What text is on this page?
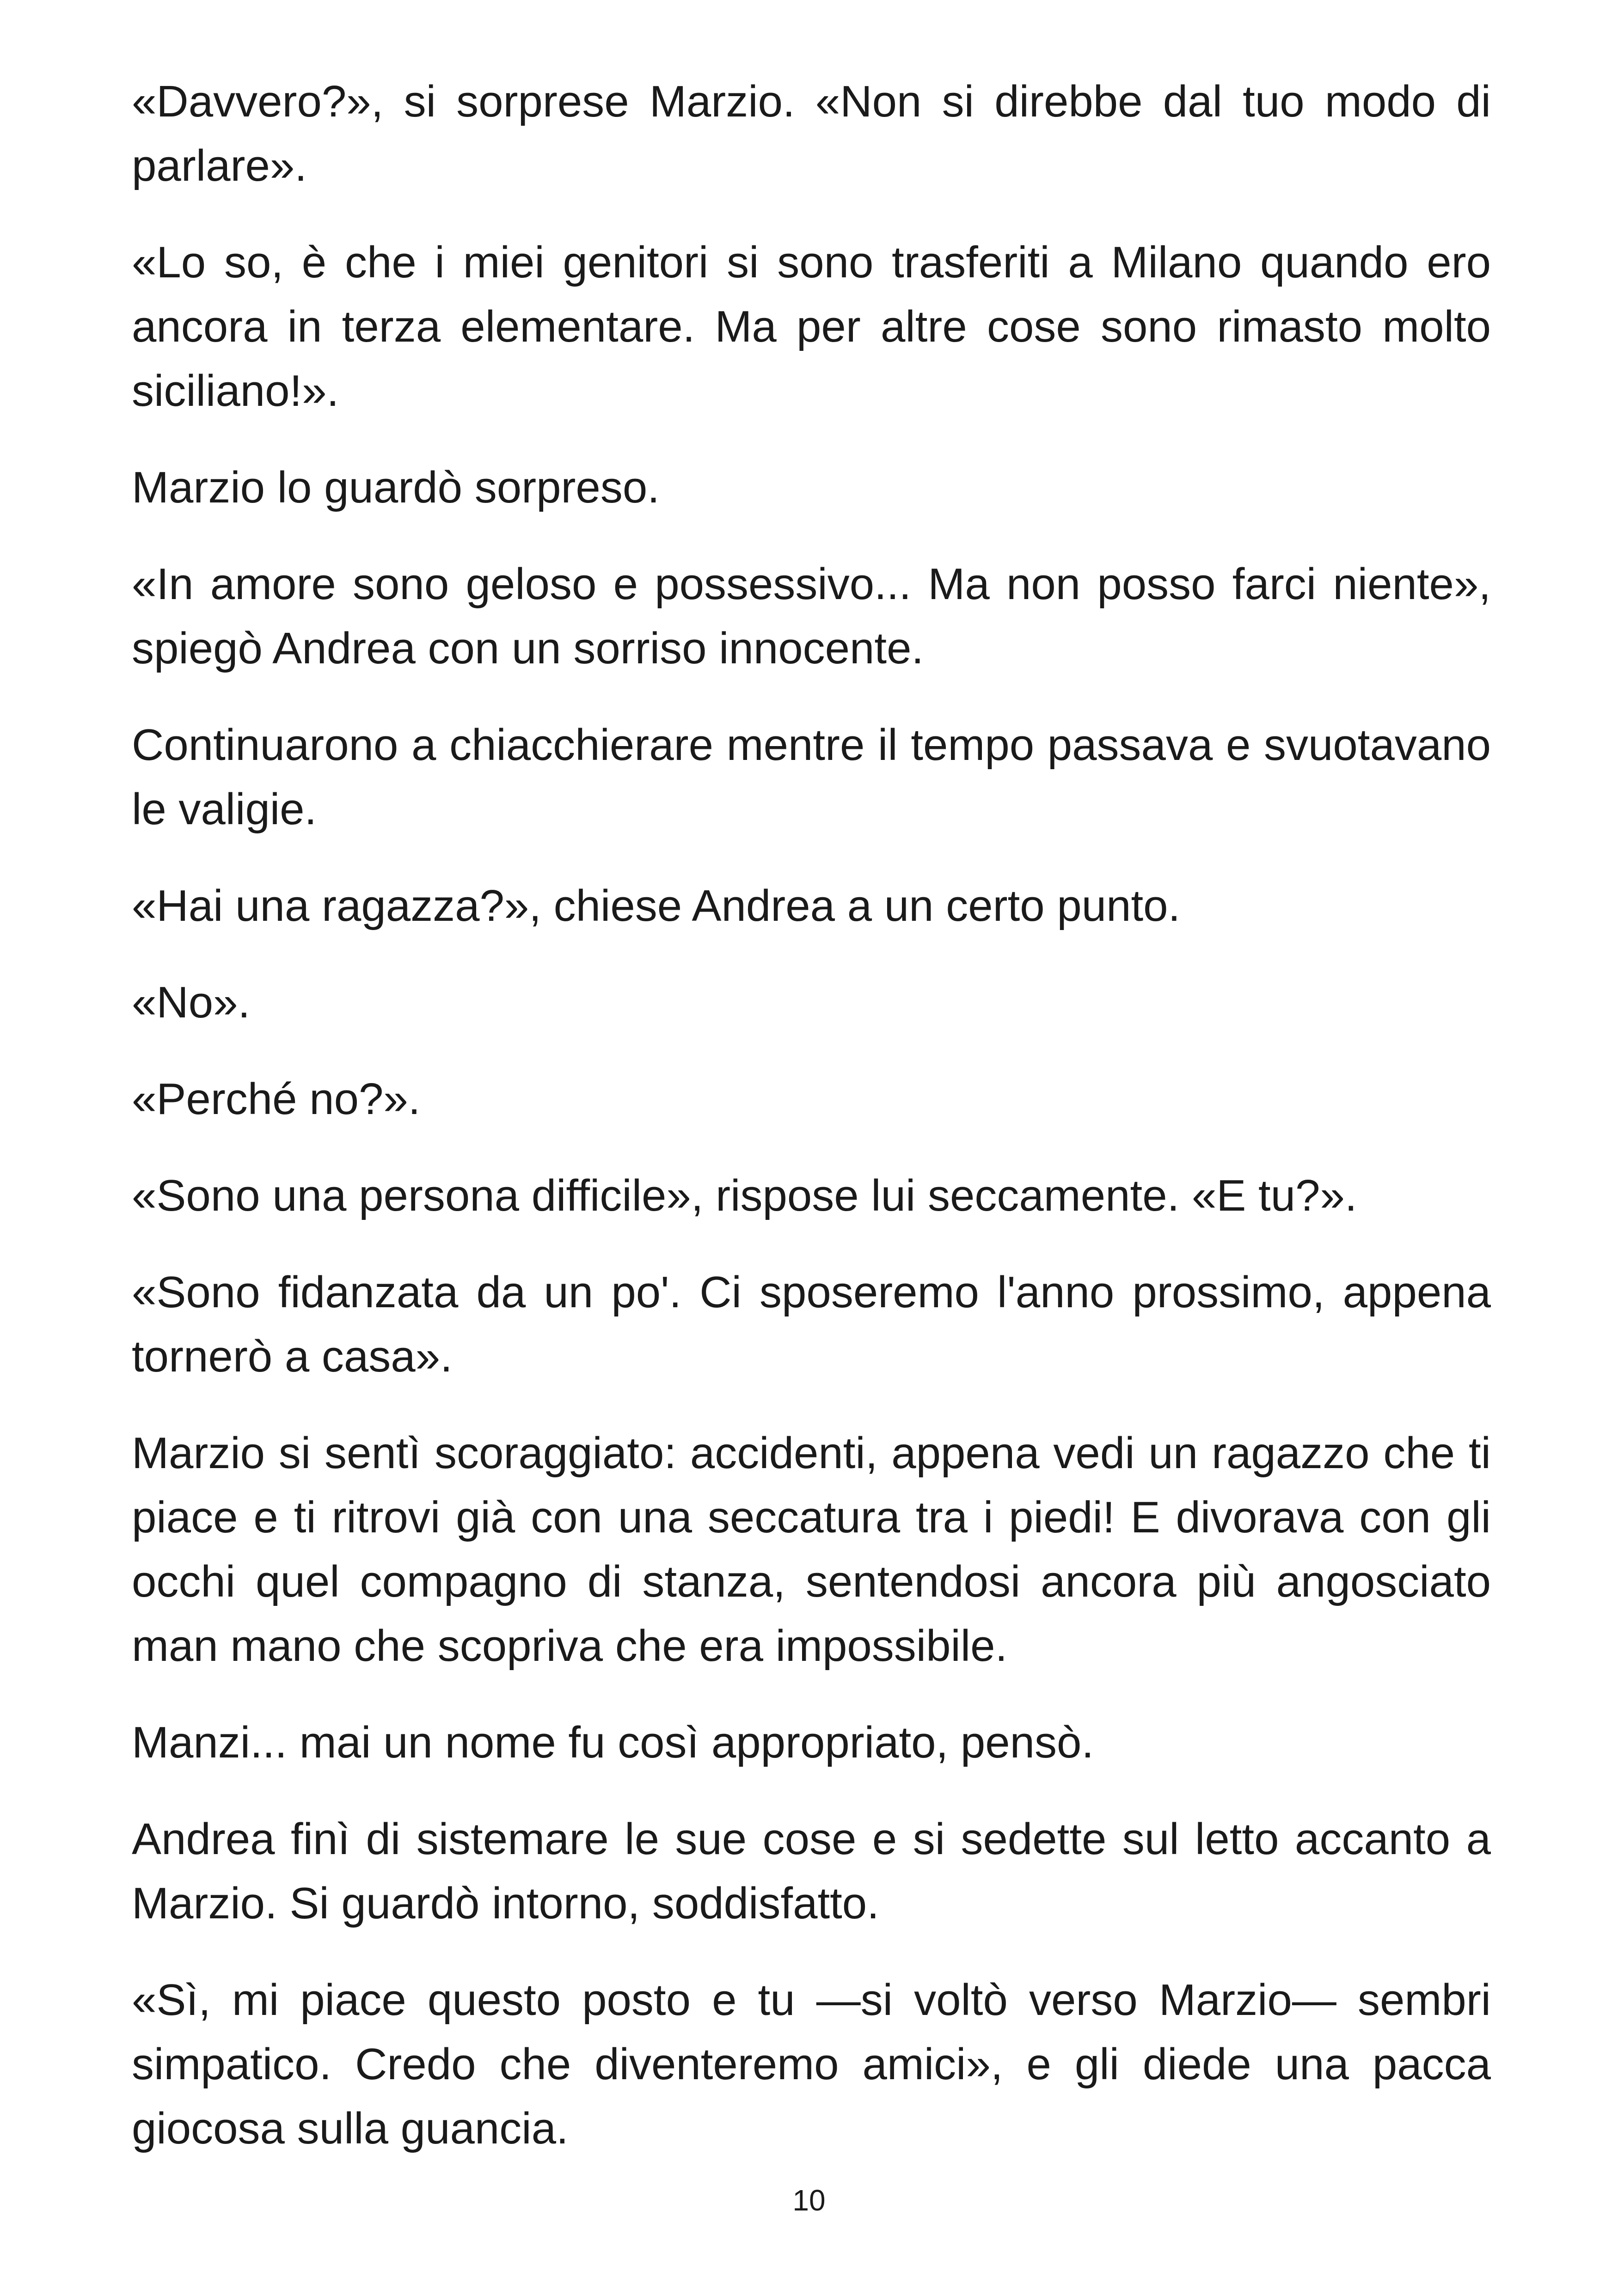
«Davvero?», si sorprese Marzio. «Non si direbbe dal tuo modo di parlare».

«Lo so, è che i miei genitori si sono trasferiti a Milano quando ero ancora in terza elementare. Ma per altre cose sono rimasto molto siciliano!».

Marzio lo guardò sorpreso.

«In amore sono geloso e possessivo... Ma non posso farci niente», spiegò Andrea con un sorriso innocente.

Continuarono a chiacchierare mentre il tempo passava e svuotavano le valigie.

«Hai una ragazza?», chiese Andrea a un certo punto.

«No».

«Perché no?».

«Sono una persona difficile», rispose lui seccamente. «E tu?».

«Sono fidanzata da un po'. Ci sposeremo l'anno prossimo, appena tornerò a casa».

Marzio si sentì scoraggiato: accidenti, appena vedi un ragazzo che ti piace e ti ritrovi già con una seccatura tra i piedi! E divorava con gli occhi quel compagno di stanza, sentendosi ancora più angosciato man mano che scopriva che era impossibile.

Manzi... mai un nome fu così appropriato, pensò.

Andrea finì di sistemare le sue cose e si sedette sul letto accanto a Marzio. Si guardò intorno, soddisfatto.

«Sì, mi piace questo posto e tu —si voltò verso Marzio— sembri simpatico. Credo che diventeremo amici», e gli diede una pacca giocosa sulla guancia.

10
